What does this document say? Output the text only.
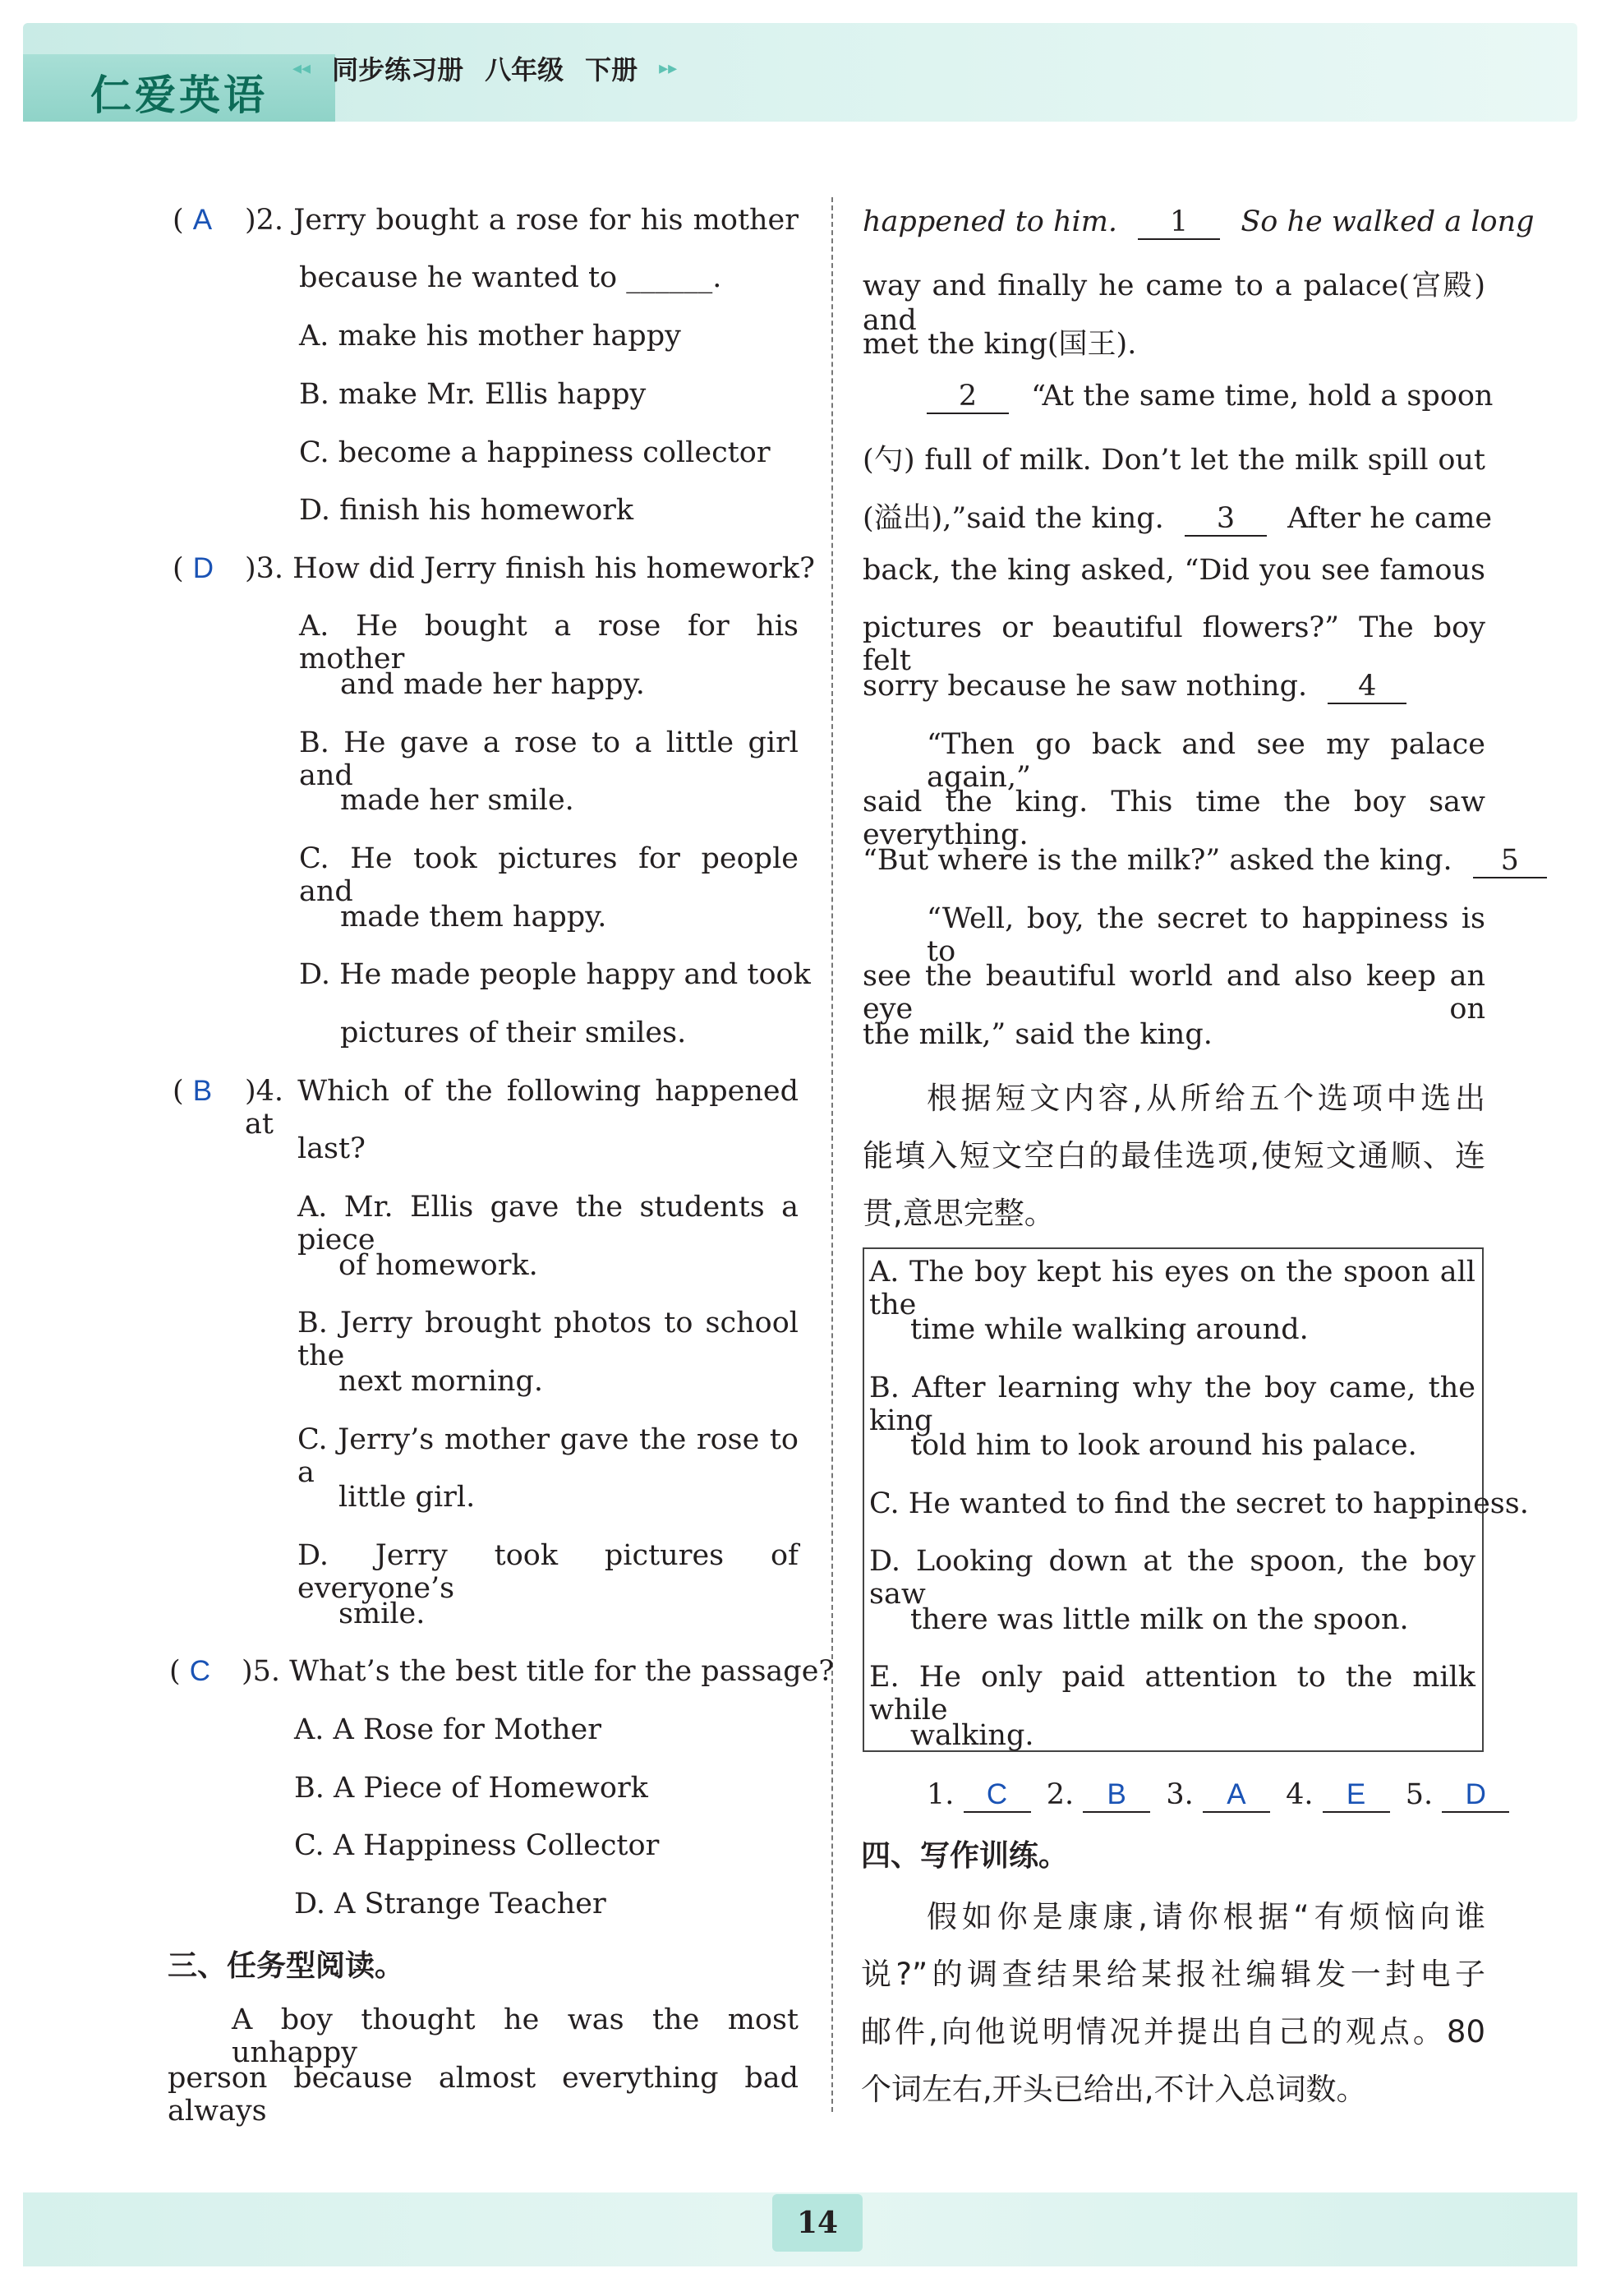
仁爱英语
◂◂ 同步练习册 八年级 下册 ▸▸
( A )2. Jerry bought a rose for his mother
because he wanted to ______.
A. make his mother happy
B. make Mr. Ellis happy
C. become a happiness collector
D. finish his homework
( D )3. How did Jerry finish his homework?
A. He bought a rose for his mother
and made her happy.
B. He gave a rose to a little girl and
made her smile.
C. He took pictures for people and
made them happy.
D. He made people happy and took
pictures of their smiles.
( B )4. Which of the following happened at
last?
A. Mr. Ellis gave the students a piece
of homework.
B. Jerry brought photos to school the
next morning.
C. Jerry’s mother gave the rose to a
little girl.
D. Jerry took pictures of everyone’s
smile.
( C )5. What’s the best title for the passage?
A. A Rose for Mother
B. A Piece of Homework
C. A Happiness Collector
D. A Strange Teacher
三、任务型阅读。
A boy thought he was the most unhappy
person because almost everything bad always
happened to him. 1 So he walked a long
way and finally he came to a palace(宫殿) and
met the king(国王).
2 “At the same time, hold a spoon
(勺) full of milk. Don’t let the milk spill out
(溢出),”said the king. 3 After he came
back, the king asked, “Did you see famous
pictures or beautiful flowers?” The boy felt
sorry because he saw nothing. 4
“Then go back and see my palace again,”
said the king. This time the boy saw everything.
“But where is the milk?” asked the king. 5
“Well, boy, the secret to happiness is to
see the beautiful world and also keep an eye on
the milk,” said the king.
根据短文内容,从所给五个选项中选出
能填入短文空白的最佳选项,使短文通顺、连
贯,意思完整。
A. The boy kept his eyes on the spoon all the
time while walking around.
B. After learning why the boy came, the king
told him to look around his palace.
C. He wanted to find the secret to happiness.
D. Looking down at the spoon, the boy saw
there was little milk on the spoon.
E. He only paid attention to the milk while
walking.
1. C 2. B 3. A 4. E 5. D
四、写作训练。
假如你是康康,请你根据“有烦恼向谁
说?”的调查结果给某报社编辑发一封电子
邮件,向他说明情况并提出自己的观点。80
个词左右,开头已给出,不计入总词数。
14
